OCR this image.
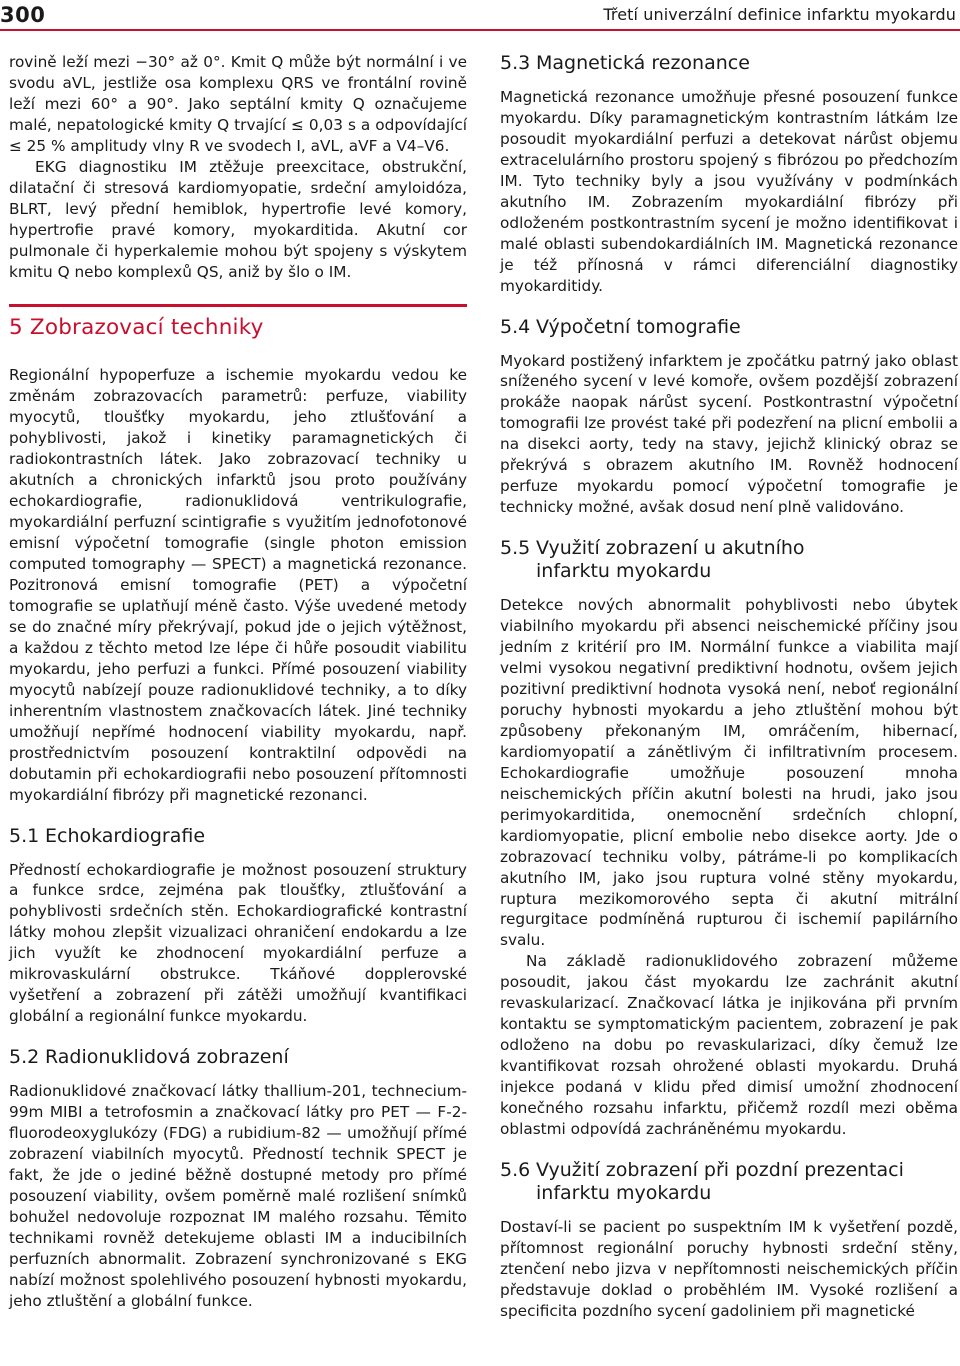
300	Třetí univerzální definice infarktu myokardu

rovině leží mezi −30° až 0°. Kmit Q může být normální i ve svodu aVL, jestliže osa komplexu QRS ve frontální rovině leží mezi 60° a 90°. Jako septální kmity Q označujeme malé, nepatologické kmity Q trvající ≤ 0,03 s a odpovídající ≤ 25 % amplitudy vlny R ve svodech I, aVL, aVF a V4–V6.

EKG diagnostiku IM ztěžuje preexcitace, obstrukční, dilatační či stresová kardiomyopatie, srdeční amyloidóza, BLRT, levý přední hemiblok, hypertrofie levé komory, hypertrofie pravé komory, myokarditida. Akutní cor pulmonale či hyperkalemie mohou být spojeny s výskytem kmitu Q nebo komplexů QS, aniž by šlo o IM.

5 Zobrazovací techniky

Regionální hypoperfuze a ischemie myokardu vedou ke změnám zobrazovacích parametrů: perfuze, viability myocytů, tloušťky myokardu, jeho ztlušťování a pohyblivosti, jakož i kinetiky paramagnetických či radiokontrastních látek. Jako zobrazovací techniky u akutních a chronických infarktů jsou proto používány echokardiografie, radionuklidová ventrikulografie, myokardiální perfuzní scintigrafie s využitím jednofotonové emisní výpočetní tomografie (single photon emission computed tomography — SPECT) a magnetická rezonance. Pozitronová emisní tomografie (PET) a výpočetní tomografie se uplatňují méně často. Výše uvedené metody se do značné míry překrývají, pokud jde o jejich výtěžnost, a každou z těchto metod lze lépe či hůře posoudit viabilitu myokardu, jeho perfuzi a funkci. Přímé posouzení viability myocytů nabízejí pouze radionuklidové techniky, a to díky inherentním vlastnostem značkovacích látek. Jiné techniky umožňují nepřímé hodnocení viability myokardu, např. prostřednictvím posouzení kontraktilní odpovědi na dobutamin při echokardiografii nebo posouzení přítomnosti myokardiální fibrózy při magnetické rezonanci.

5.1 Echokardiografie

Předností echokardiografie je možnost posouzení struktury a funkce srdce, zejména pak tloušťky, ztlušťování a pohyblivosti srdečních stěn. Echokardiografické kontrastní látky mohou zlepšit vizualizaci ohraničení endokardu a lze jich využít ke zhodnocení myokardiální perfuze a mikrovaskulární obstrukce. Tkáňové dopplerovské vyšetření a zobrazení při zátěži umožňují kvantifikaci globální a regionální funkce myokardu.

5.2 Radionuklidová zobrazení

Radionuklidové značkovací látky thallium-201, technecium-99m MIBI a tetrofosmin a značkovací látky pro PET — F-2-fluorodeoxyglukózy (FDG) a rubidium-82 — umožňují přímé zobrazení viabilních myocytů. Předností technik SPECT je fakt, že jde o jediné běžně dostupné metody pro přímé posouzení viability, ovšem poměrně malé rozlišení snímků bohužel nedovoluje rozpoznat IM malého rozsahu. Těmito technikami rovněž detekujeme oblasti IM a inducibilních perfuzních abnormalit. Zobrazení synchronizované s EKG nabízí možnost spolehlivého posouzení hybnosti myokardu, jeho ztluštění a globální funkce.

5.3 Magnetická rezonance

Magnetická rezonance umožňuje přesné posouzení funkce myokardu. Díky paramagnetickým kontrastním látkám lze posoudit myokardiální perfuzi a detekovat nárůst objemu extracelulárního prostoru spojený s fibrózou po předchozím IM. Tyto techniky byly a jsou využívány v podmínkách akutního IM. Zobrazením myokardiální fibrózy při odloženém postkontrastním sycení je možno identifikovat i malé oblasti subendokardiálních IM. Magnetická rezonance je též přínosná v rámci diferenciální diagnostiky myokarditidy.

5.4 Výpočetní tomografie

Myokard postižený infarktem je zpočátku patrný jako oblast sníženého sycení v levé komoře, ovšem pozdější zobrazení prokáže naopak nárůst sycení. Postkontrastní výpočetní tomografii lze provést také při podezření na plicní embolii a na disekci aorty, tedy na stavy, jejichž klinický obraz se překrývá s obrazem akutního IM. Rovněž hodnocení perfuze myokardu pomocí výpočetní tomografie je technicky možné, avšak dosud není plně validováno.

5.5 Využití zobrazení u akutního
infarktu myokardu

Detekce nových abnormalit pohyblivosti nebo úbytek viabilního myokardu při absenci neischemické příčiny jsou jedním z kritérií pro IM. Normální funkce a viabilita mají velmi vysokou negativní prediktivní hodnotu, ovšem jejich pozitivní prediktivní hodnota vysoká není, neboť regionální poruchy hybnosti myokardu a jeho ztluštění mohou být způsobeny překonaným IM, omráčením, hibernací, kardiomyopatií a zánětlivým či infiltrativním procesem. Echokardiografie umožňuje posouzení mnoha neischemických příčin akutní bolesti na hrudi, jako jsou perimyokarditida, onemocnění srdečních chlopní, kardiomyopatie, plicní embolie nebo disekce aorty. Jde o zobrazovací techniku volby, pátráme-li po komplikacích akutního IM, jako jsou ruptura volné stěny myokardu, ruptura mezikomorového septa či akutní mitrální regurgitace podmíněná rupturou či ischemií papilárního svalu.

Na základě radionuklidového zobrazení můžeme posoudit, jakou část myokardu lze zachránit akutní revaskularizací. Značkovací látka je injikována při prvním kontaktu se symptomatickým pacientem, zobrazení je pak odloženo na dobu po revaskularizaci, díky čemuž lze kvantifikovat rozsah ohrožené oblasti myokardu. Druhá injekce podaná v klidu před dimisí umožní zhodnocení konečného rozsahu infarktu, přičemž rozdíl mezi oběma oblastmi odpovídá zachráněnému myokardu.

5.6 Využití zobrazení při pozdní prezentaci
infarktu myokardu

Dostaví-li se pacient po suspektním IM k vyšetření pozdě, přítomnost regionální poruchy hybnosti srdeční stěny, ztenčení nebo jizva v nepřítomnosti neischemických příčin představuje doklad o proběhlém IM. Vysoké rozlišení a specificita pozdního sycení gadoliniem při magnetické
